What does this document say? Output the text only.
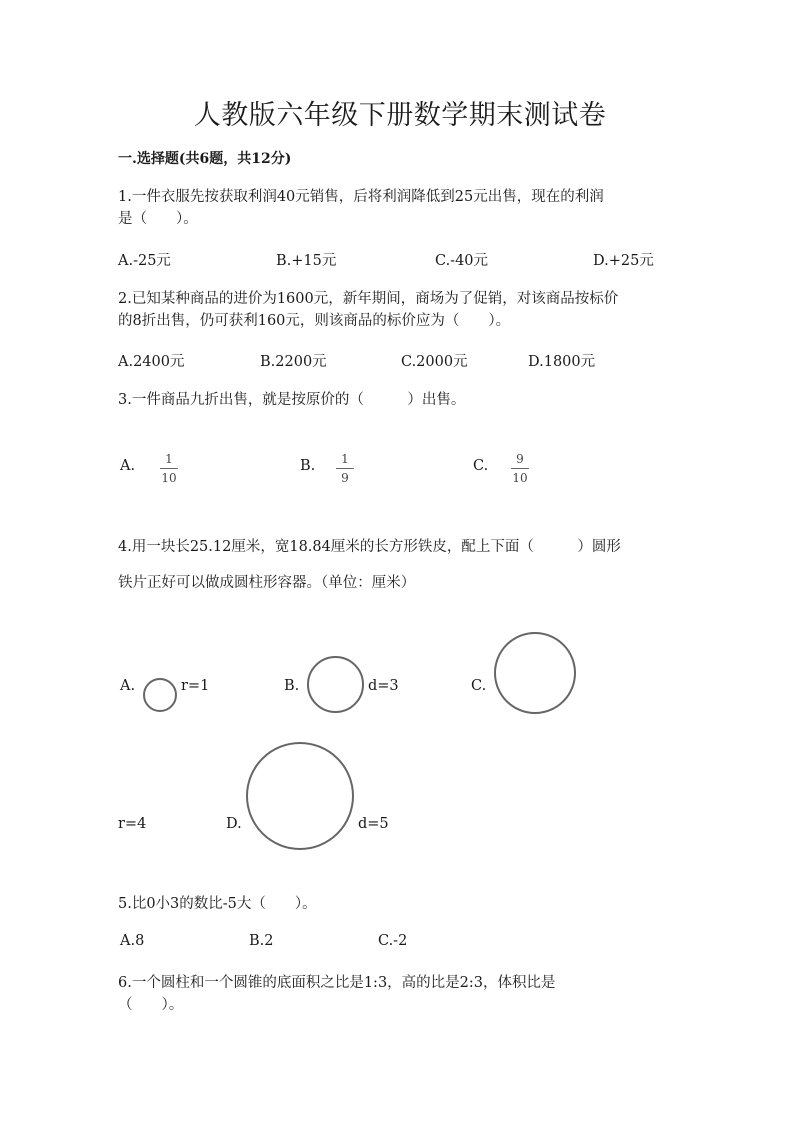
人教版六年级下册数学期末测试卷
一.选择题(共6题，共12分)
1.一件衣服先按获取利润40元销售，后将利润降低到25元出售，现在的利润
是（　　）。
A.-25元	B.+15元	C.-40元	D.+25元
2.已知某种商品的进价为1600元，新年期间，商场为了促销，对该商品按标价
的8折出售，仍可获利160元，则该商品的标价应为（　　）。
A.2400元	B.2200元	C.2000元	D.1800元
3.一件商品九折出售，就是按原价的（　　　）出售。
A.	1
10
B. 1
9
C. 9
10
4.用一块长25.12厘米，宽18.84厘米的长方形铁皮，配上下面（　　　）圆形
铁片正好可以做成圆柱形容器。（单位：厘米）
A.	r=1	B.	d=3	C.
r=4	D.	d=5
5.比0小3的数比-5大（　　）。
A.8	B.2	C.-2
6.一个圆柱和一个圆锥的底面积之比是1:3，高的比是2:3，体积比是
（　　）。
